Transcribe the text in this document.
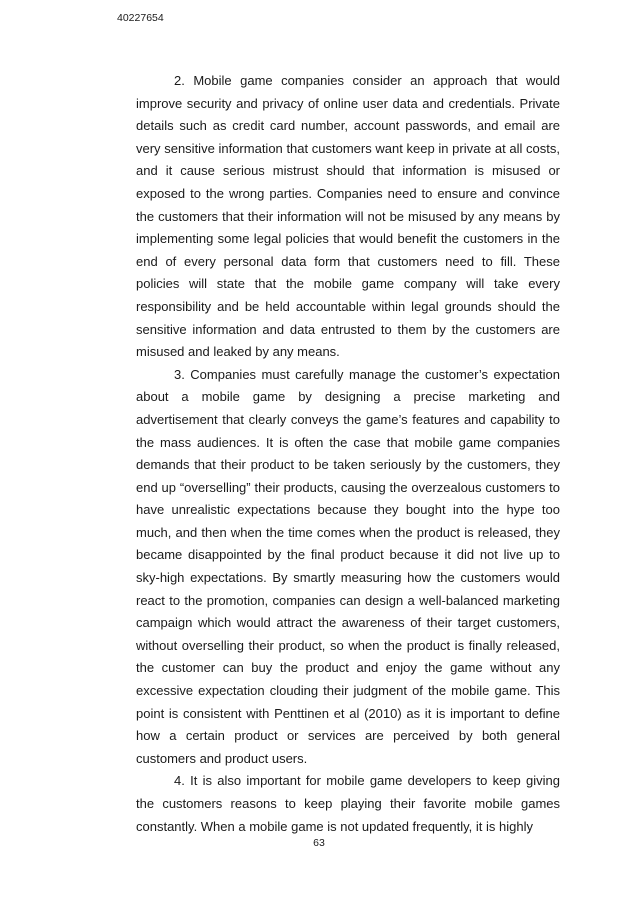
40227654

2. Mobile game companies consider an approach that would improve security and privacy of online user data and credentials. Private details such as credit card number, account passwords, and email are very sensitive information that customers want keep in private at all costs, and it cause serious mistrust should that information is misused or exposed to the wrong parties. Companies need to ensure and convince the customers that their information will not be misused by any means by implementing some legal policies that would benefit the customers in the end of every personal data form that customers need to fill. These policies will state that the mobile game company will take every responsibility and be held accountable within legal grounds should the sensitive information and data entrusted to them by the customers are misused and leaked by any means.

3. Companies must carefully manage the customer’s expectation about a mobile game by designing a precise marketing and advertisement that clearly conveys the game’s features and capability to the mass audiences. It is often the case that mobile game companies demands that their product to be taken seriously by the customers, they end up “overselling” their products, causing the overzealous customers to have unrealistic expectations because they bought into the hype too much, and then when the time comes when the product is released, they became disappointed by the final product because it did not live up to sky-high expectations. By smartly measuring how the customers would react to the promotion, companies can design a well-balanced marketing campaign which would attract the awareness of their target customers, without overselling their product, so when the product is finally released, the customer can buy the product and enjoy the game without any excessive expectation clouding their judgment of the mobile game. This point is consistent with Penttinen et al (2010) as it is important to define how a certain product or services are perceived by both general customers and product users.

4. It is also important for mobile game developers to keep giving the customers reasons to keep playing their favorite mobile games constantly. When a mobile game is not updated frequently, it is highly

63
